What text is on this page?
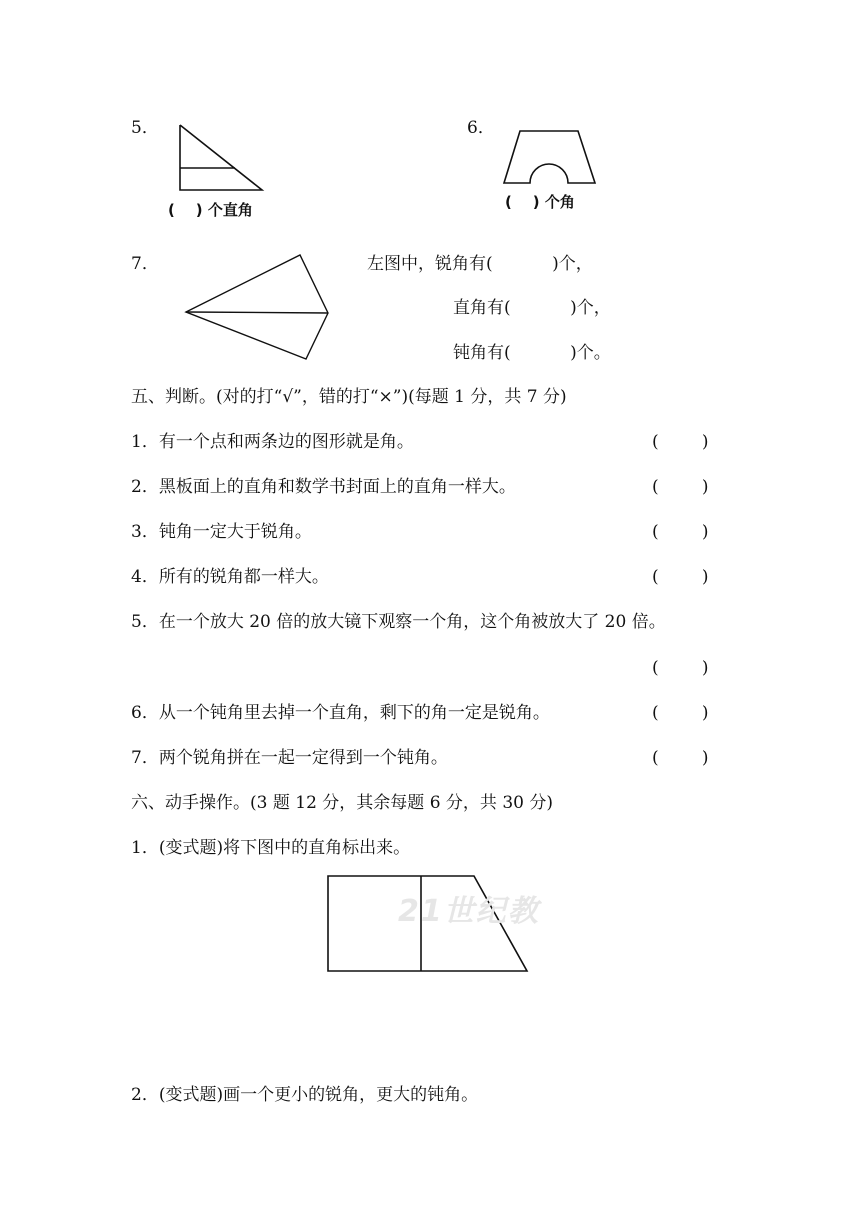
5．
(    ) 个直角
6．
(    ) 个角
7．	左图中，锐角有(           )个，
直角有(           )个，
钝角有(           )个。
五、判断。(对的打“√”，错的打“×”)(每题 1 分，共 7 分)
1．有一个点和两条边的图形就是角。	(        )
2．黑板面上的直角和数学书封面上的直角一样大。	(        )
3．钝角一定大于锐角。	(        )
4．所有的锐角都一样大。	(        )
5．在一个放大 20 倍的放大镜下观察一个角，这个角被放大了 20 倍。
(        )
6．从一个钝角里去掉一个直角，剩下的角一定是锐角。	(        )
7．两个锐角拼在一起一定得到一个钝角。	(        )
六、动手操作。(3 题 12 分，其余每题 6 分，共 30 分)
1．(变式题)将下图中的直角标出来。
21世纪教
2．(变式题)画一个更小的锐角，更大的钝角。
